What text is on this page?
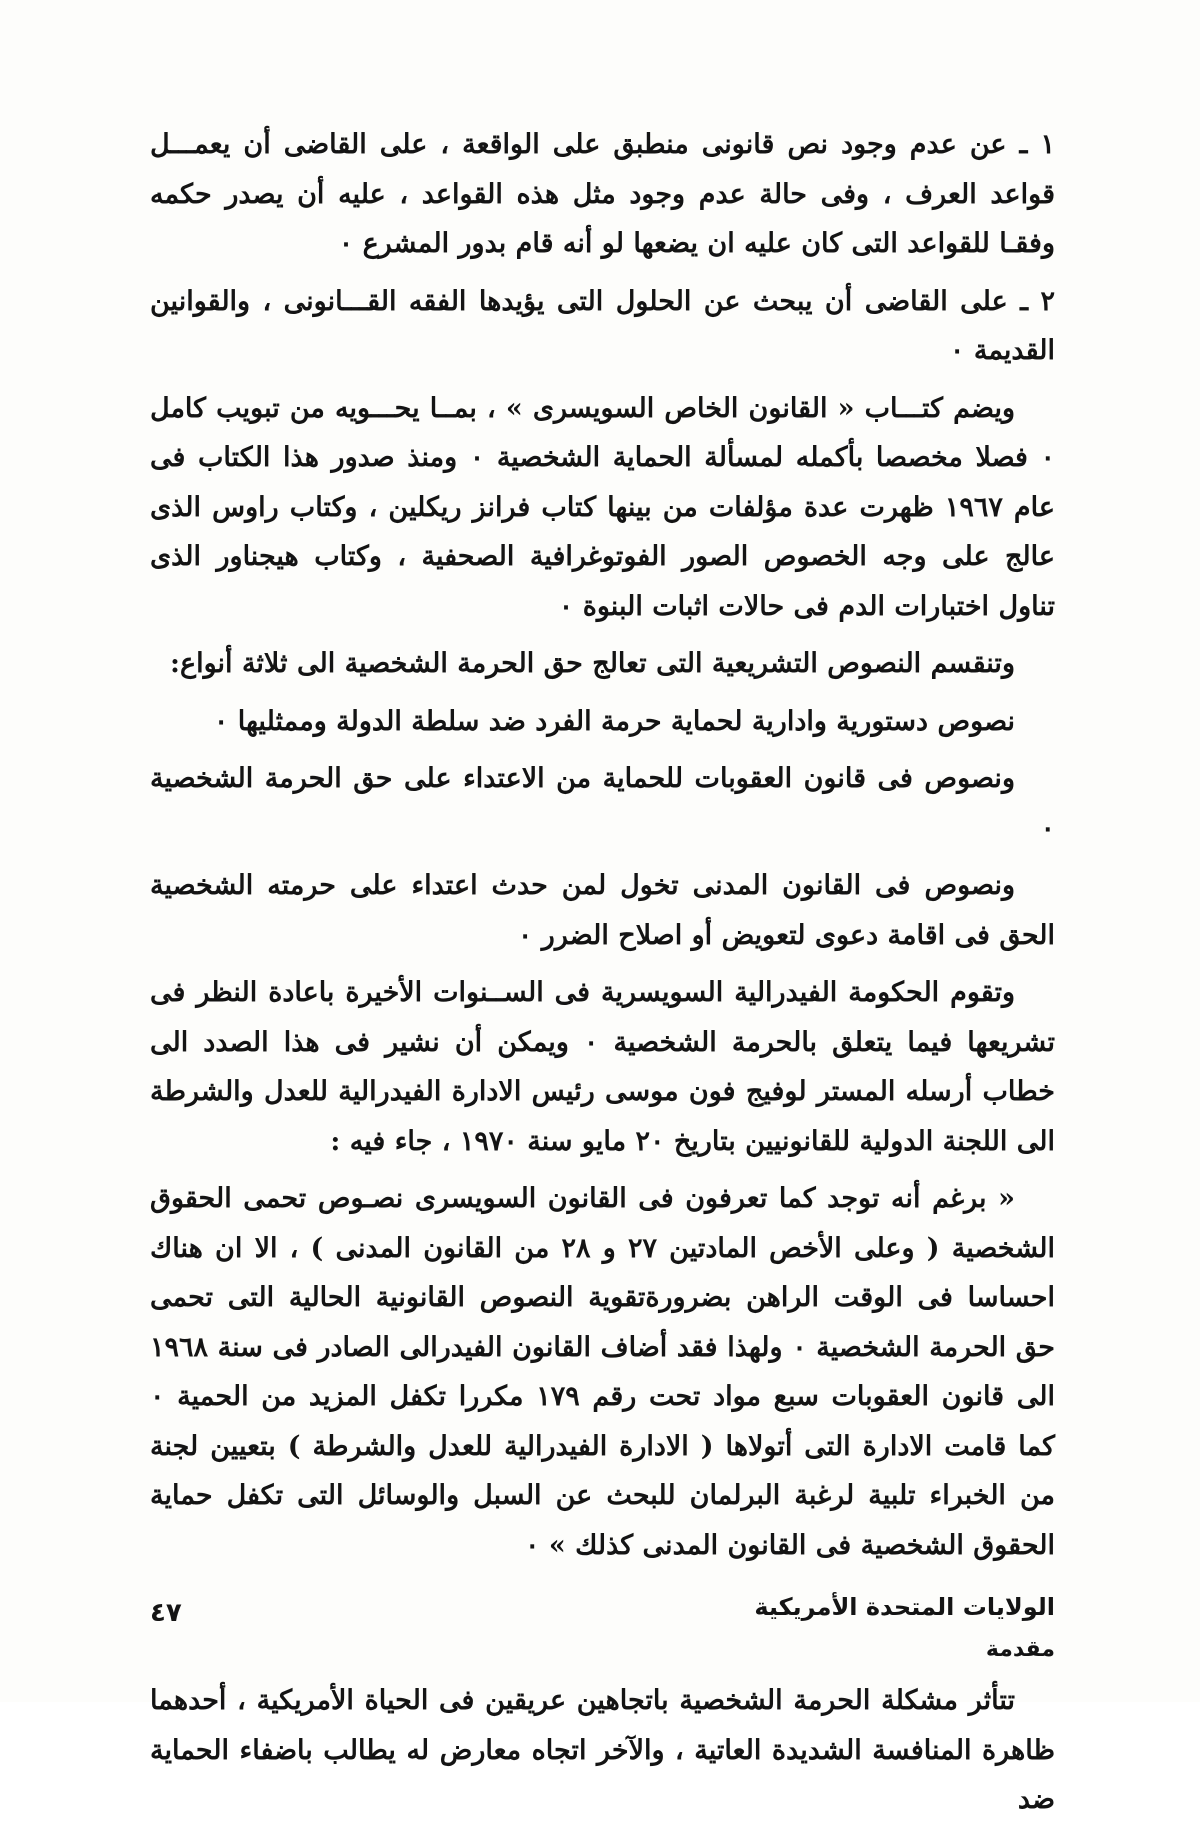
١ ـ عن عدم وجود نص قانونى منطبق على الواقعة ، على القاضى أن يعمـــل قواعد العرف ، وفى حالة عدم وجود مثل هذه القواعد ، عليه أن يصدر حكمه وفقـا للقواعد التى كان عليه ان يضعها لو أنه قام بدور المشرع ٠

٢ ـ على القاضى أن يبحث عن الحلول التى يؤيدها الفقه القـــانونى ، والقوانين القديمة ٠

ويضم كتـــاب « القانون الخاص السويسرى » ، بمــا يحـــويه من تبويب كامل ٠ فصلا مخصصا بأكمله لمسألة الحماية الشخصية ٠ ومنذ صدور هذا الكتاب فى عام ١٩٦٧ ظهرت عدة مؤلفات من بينها كتاب فرانز ريكلين ، وكتاب راوس الذى عالج على وجه الخصوص الصور الفوتوغرافية الصحفية ، وكتاب هيجناور الذى تناول اختبارات الدم فى حالات اثبات البنوة ٠

وتنقسم النصوص التشريعية التى تعالج حق الحرمة الشخصية الى ثلاثة أنواع:

نصوص دستورية وادارية لحماية حرمة الفرد ضد سلطة الدولة وممثليها ٠

ونصوص فى قانون العقوبات للحماية من الاعتداء على حق الحرمة الشخصية ٠

ونصوص فى القانون المدنى تخول لمن حدث اعتداء على حرمته الشخصية الحق فى اقامة دعوى لتعويض أو اصلاح الضرر ٠

وتقوم الحكومة الفيدرالية السويسرية فى الســنوات الأخيرة باعادة النظر فى تشريعها فيما يتعلق بالحرمة الشخصية ٠ ويمكن أن نشير فى هذا الصدد الى خطاب أرسله المستر لوفيج فون موسى رئيس الادارة الفيدرالية للعدل والشرطة الى اللجنة الدولية للقانونيين بتاريخ ٢٠ مايو سنة ١٩٧٠ ، جاء فيه :

« برغم أنه توجد كما تعرفون فى القانون السويسرى نصـوص تحمى الحقوق الشخصية ( وعلى الأخص المادتين ٢٧ و ٢٨ من القانون المدنى ) ، الا ان هناك احساسا فى الوقت الراهن بضرورةتقوية النصوص القانونية الحالية التى تحمى حق الحرمة الشخصية ٠ ولهذا فقد أضاف القانون الفيدرالى الصادر فى سنة ١٩٦٨ الى قانون العقوبات سبع مواد تحت رقم ١٧٩ مكررا تكفل المزيد من الحمية ٠ كما قامت الادارة التى أتولاها ( الادارة الفيدرالية للعدل والشرطة ) بتعيين لجنة من الخبراء تلبية لرغبة البرلمان للبحث عن السبل والوسائل التى تكفل حماية الحقوق الشخصية فى القانون المدنى كذلك » ٠

الولايات المتحدة الأمريكية

مقدمة

تتأثر مشكلة الحرمة الشخصية باتجاهين عريقين فى الحياة الأمريكية ، أحدهما ظاهرة المنافسة الشديدة العاتية ، والآخر اتجاه معارض له يطالب باضفاء الحماية ضد

٤٧
